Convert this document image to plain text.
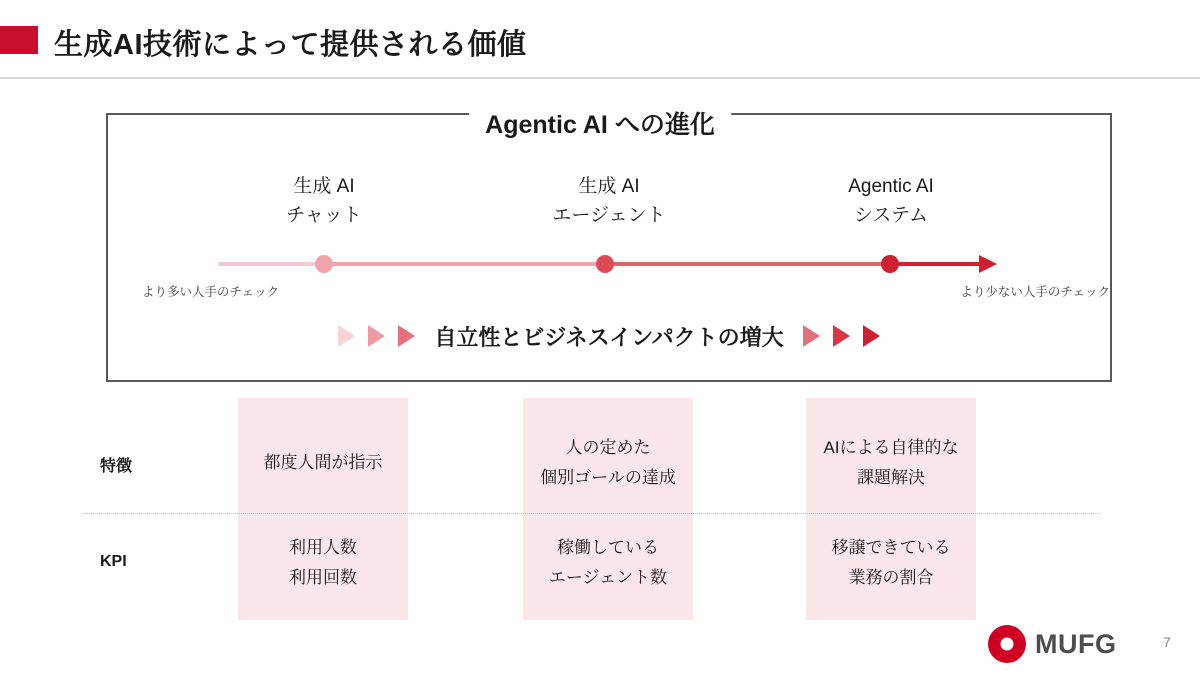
生成AI技術によって提供される価値
Agentic AI への進化
生成 AI
チャット
生成 AI
エージェント
Agentic AI
システム
より多い人手のチェック	より少ない人手のチェック
自立性とビジネスインパクトの増大
特徴
KPI
都度人間が指示
人の定めた
個別ゴールの達成
AIによる自律的な
課題解決
利用人数
利用回数
稼働している
エージェント数
移譲できている
業務の割合
MUFG	7
